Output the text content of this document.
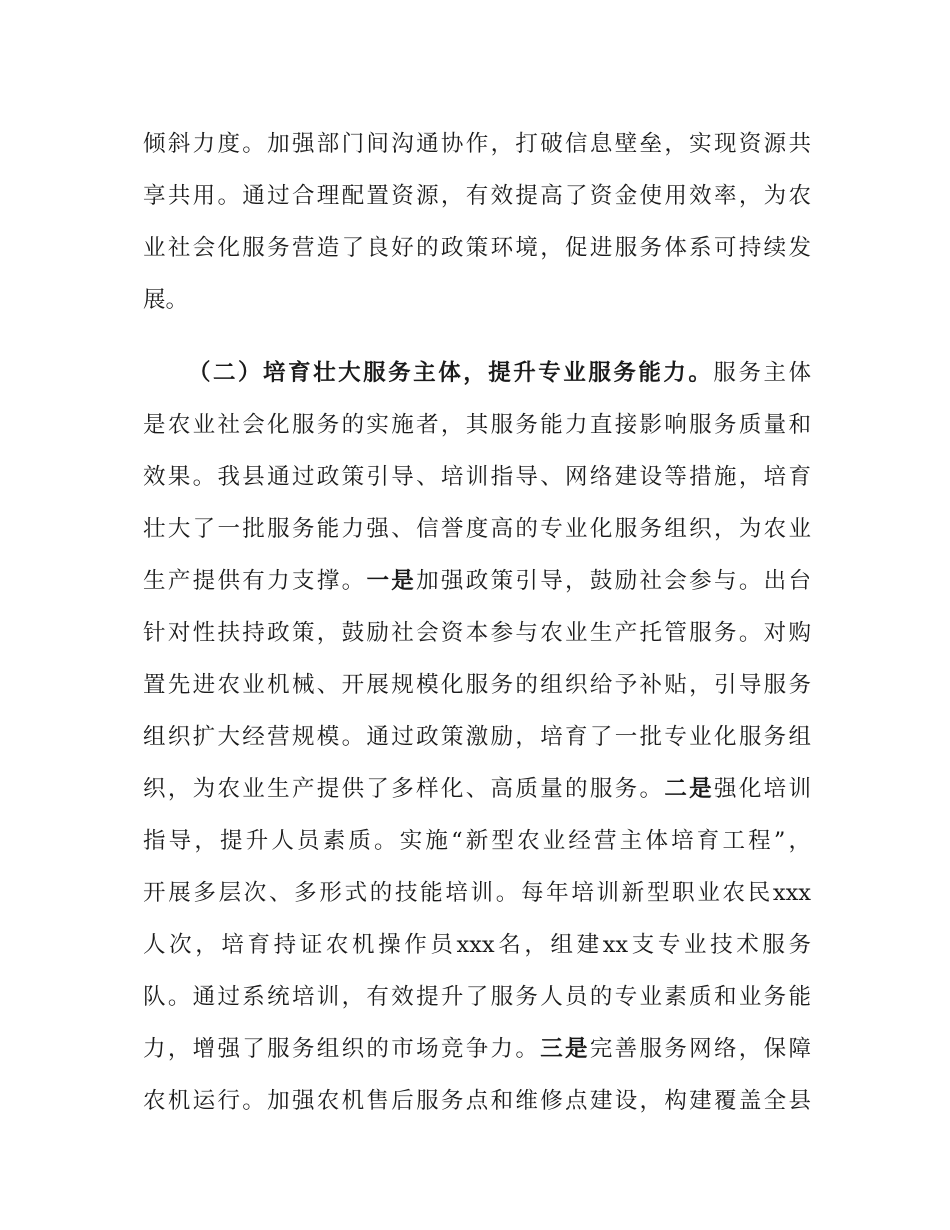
倾斜力度。加强部门间沟通协作，打破信息壁垒，实现资源共
享共用。通过合理配置资源，有效提高了资金使用效率，为农
业社会化服务营造了良好的政策环境，促进服务体系可持续发
展。
（二）培育壮大服务主体，提升专业服务能力。服务主体
是农业社会化服务的实施者，其服务能力直接影响服务质量和
效果。我县通过政策引导、培训指导、网络建设等措施，培育
壮大了一批服务能力强、信誉度高的专业化服务组织，为农业
生产提供有力支撑。一是加强政策引导，鼓励社会参与。出台
针对性扶持政策，鼓励社会资本参与农业生产托管服务。对购
置先进农业机械、开展规模化服务的组织给予补贴，引导服务
组织扩大经营规模。通过政策激励，培育了一批专业化服务组
织，为农业生产提供了多样化、高质量的服务。二是强化培训
指导，提升人员素质。实施“新型农业经营主体培育工程”，
开展多层次、多形式的技能培训。每年培训新型职业农民xxx
人次，培育持证农机操作员xxx名，组建xx支专业技术服务
队。通过系统培训，有效提升了服务人员的专业素质和业务能
力，增强了服务组织的市场竞争力。三是完善服务网络，保障
农机运行。加强农机售后服务点和维修点建设，构建覆盖全县
